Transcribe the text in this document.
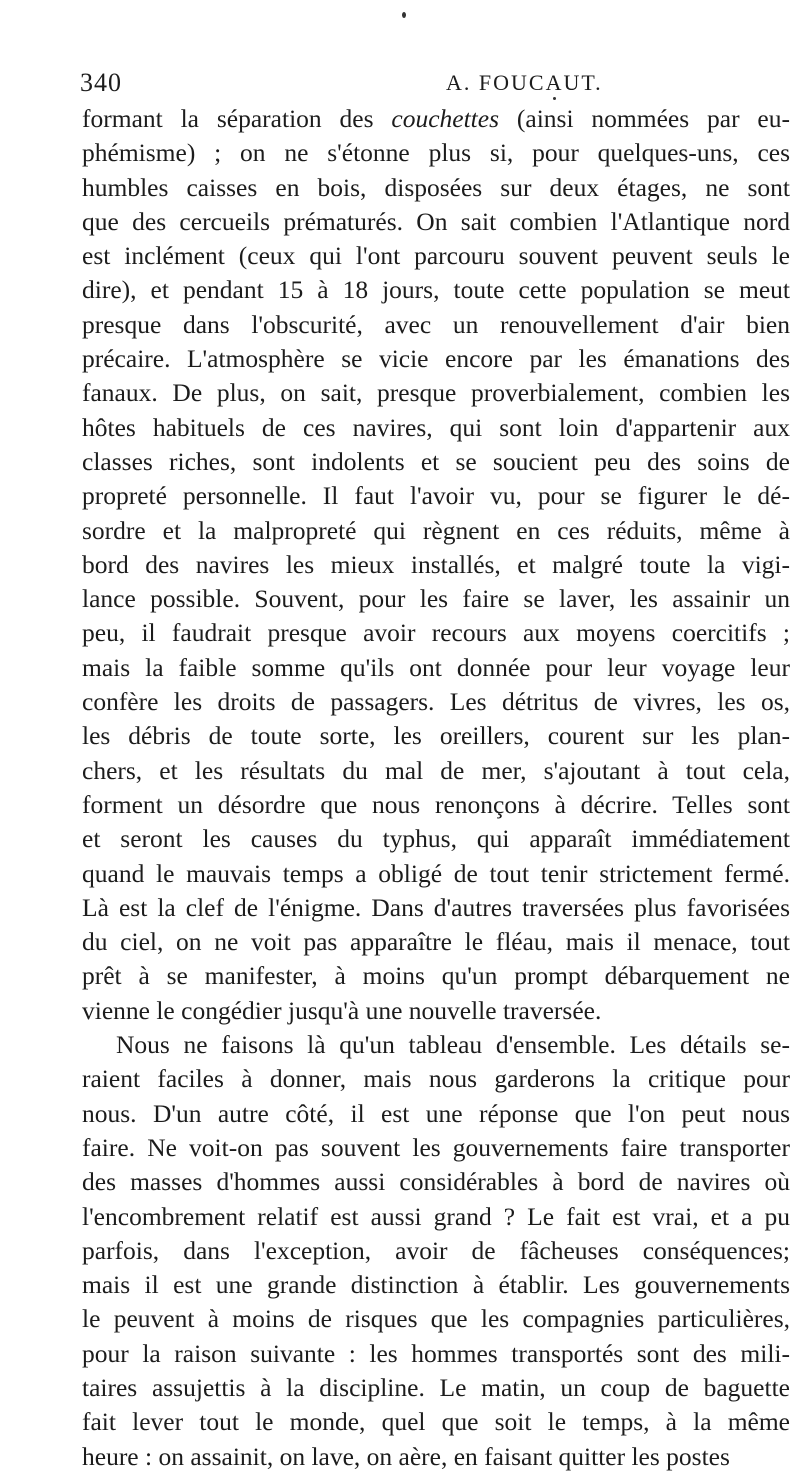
340	A. FOUCAUT.
formant la séparation des couchettes (ainsi nommées par eu-
phémisme) ; on ne s'étonne plus si, pour quelques-uns, ces
humbles caisses en bois, disposées sur deux étages, ne sont
que des cercueils prématurés. On sait combien l'Atlantique nord
est inclément (ceux qui l'ont parcouru souvent peuvent seuls le
dire), et pendant 15 à 18 jours, toute cette population se meut
presque dans l'obscurité, avec un renouvellement d'air bien
précaire. L'atmosphère se vicie encore par les émanations des
fanaux. De plus, on sait, presque proverbialement, combien les
hôtes habituels de ces navires, qui sont loin d'appartenir aux
classes riches, sont indolents et se soucient peu des soins de
propreté personnelle. Il faut l'avoir vu, pour se figurer le dé-
sordre et la malpropreté qui règnent en ces réduits, même à
bord des navires les mieux installés, et malgré toute la vigi-
lance possible. Souvent, pour les faire se laver, les assainir un
peu, il faudrait presque avoir recours aux moyens coercitifs ;
mais la faible somme qu'ils ont donnée pour leur voyage leur
confère les droits de passagers. Les détritus de vivres, les os,
les débris de toute sorte, les oreillers, courent sur les plan-
chers, et les résultats du mal de mer, s'ajoutant à tout cela,
forment un désordre que nous renonçons à décrire. Telles sont
et seront les causes du typhus, qui apparaît immédiatement
quand le mauvais temps a obligé de tout tenir strictement fermé.
Là est la clef de l'énigme. Dans d'autres traversées plus favorisées
du ciel, on ne voit pas apparaître le fléau, mais il menace, tout
prêt à se manifester, à moins qu'un prompt débarquement ne
vienne le congédier jusqu'à une nouvelle traversée.
Nous ne faisons là qu'un tableau d'ensemble. Les détails se-
raient faciles à donner, mais nous garderons la critique pour
nous. D'un autre côté, il est une réponse que l'on peut nous
faire. Ne voit-on pas souvent les gouvernements faire transporter
des masses d'hommes aussi considérables à bord de navires où
l'encombrement relatif est aussi grand ? Le fait est vrai, et a pu
parfois, dans l'exception, avoir de fâcheuses conséquences;
mais il est une grande distinction à établir. Les gouvernements
le peuvent à moins de risques que les compagnies particulières,
pour la raison suivante : les hommes transportés sont des mili-
taires assujettis à la discipline. Le matin, un coup de baguette
fait lever tout le monde, quel que soit le temps, à la même
heure : on assainit, on lave, on aère, en faisant quitter les postes
